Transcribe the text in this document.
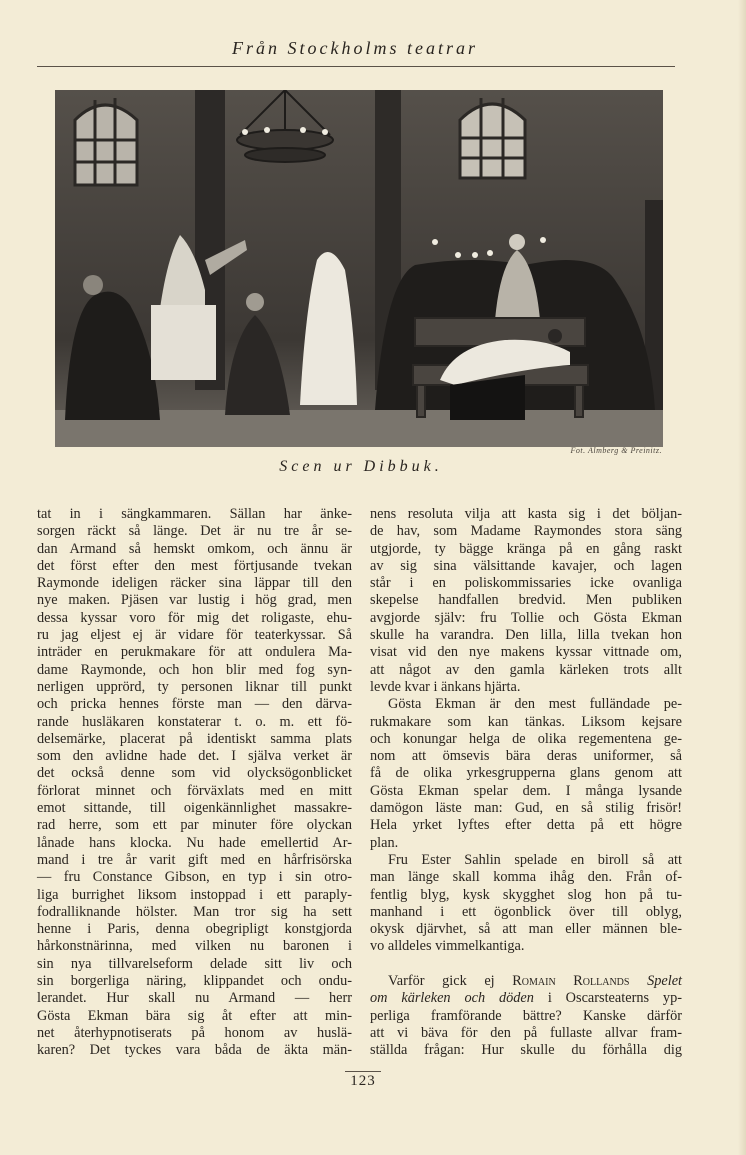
Från Stockholms teatrar
Fot. Almberg & Preinitz.
Scen ur Dibbuk.
tat in i sängkammaren. Sällan har änke-
sorgen räckt så länge. Det är nu tre år se-
dan Armand så hemskt omkom, och ännu är
det först efter den mest förtjusande tvekan
Raymonde ideligen räcker sina läppar till den
nye maken. Pjäsen var lustig i hög grad, men
dessa kyssar voro för mig det roligaste, ehu-
ru jag eljest ej är vidare för teaterkyssar. Så
inträder en perukmakare för att ondulera Ma-
dame Raymonde, och hon blir med fog syn-
nerligen upprörd, ty personen liknar till punkt
och pricka hennes förste man — den därva-
rande husläkaren konstaterar t. o. m. ett fö-
delsemärke, placerat på identiskt samma plats
som den avlidne hade det. I själva verket är
det också denne som vid olycksögonblicket
förlorat minnet och förväxlats med en mitt
emot sittande, till oigenkännlighet massakre-
rad herre, som ett par minuter före olyckan
lånade hans klocka. Nu hade emellertid Ar-
mand i tre år varit gift med en hårfrisörska
— fru Constance Gibson, en typ i sin otro-
liga burrighet liksom instoppad i ett paraply-
fodralliknande hölster. Man tror sig ha sett
henne i Paris, denna obegripligt konstgjorda
hårkonstnärinna, med vilken nu baronen i
sin nya tillvarelseform delade sitt liv och
sin borgerliga näring, klippandet och ondu-
lerandet. Hur skall nu Armand — herr
Gösta Ekman bära sig åt efter att min-
net återhypnotiserats på honom av huslä-
karen? Det tyckes vara båda de äkta män-
nens resoluta vilja att kasta sig i det böljan-
de hav, som Madame Raymondes stora säng
utgjorde, ty bägge kränga på en gång raskt
av sig sina välsittande kavajer, och lagen
står i en poliskommissaries icke ovanliga
skepelse handfallen bredvid. Men publiken
avgjorde själv: fru Tollie och Gösta Ekman
skulle ha varandra. Den lilla, lilla tvekan hon
visat vid den nye makens kyssar vittnade om,
att något av den gamla kärleken trots allt
levde kvar i änkans hjärta.
Gösta Ekman är den mest fulländade pe-
rukmakare som kan tänkas. Liksom kejsare
och konungar helga de olika regementena ge-
nom att ömsevis bära deras uniformer, så
få de olika yrkesgrupperna glans genom att
Gösta Ekman spelar dem. I många lysande
damögon läste man: Gud, en så stilig frisör!
Hela yrket lyftes efter detta på ett högre
plan.
Fru Ester Sahlin spelade en biroll så att
man länge skall komma ihåg den. Från of-
fentlig blyg, kysk skygghet slog hon på tu-
manhand i ett ögonblick över till oblyg,
okysk djärvhet, så att man eller männen ble-
vo alldeles vimmelkantiga.
Varför gick ej Romain Rollands Spelet
om kärleken och döden i Oscarsteaterns yp-
perliga framförande bättre? Kanske därför
att vi bäva för den på fullaste allvar fram-
ställda frågan: Hur skulle du förhålla dig
123
